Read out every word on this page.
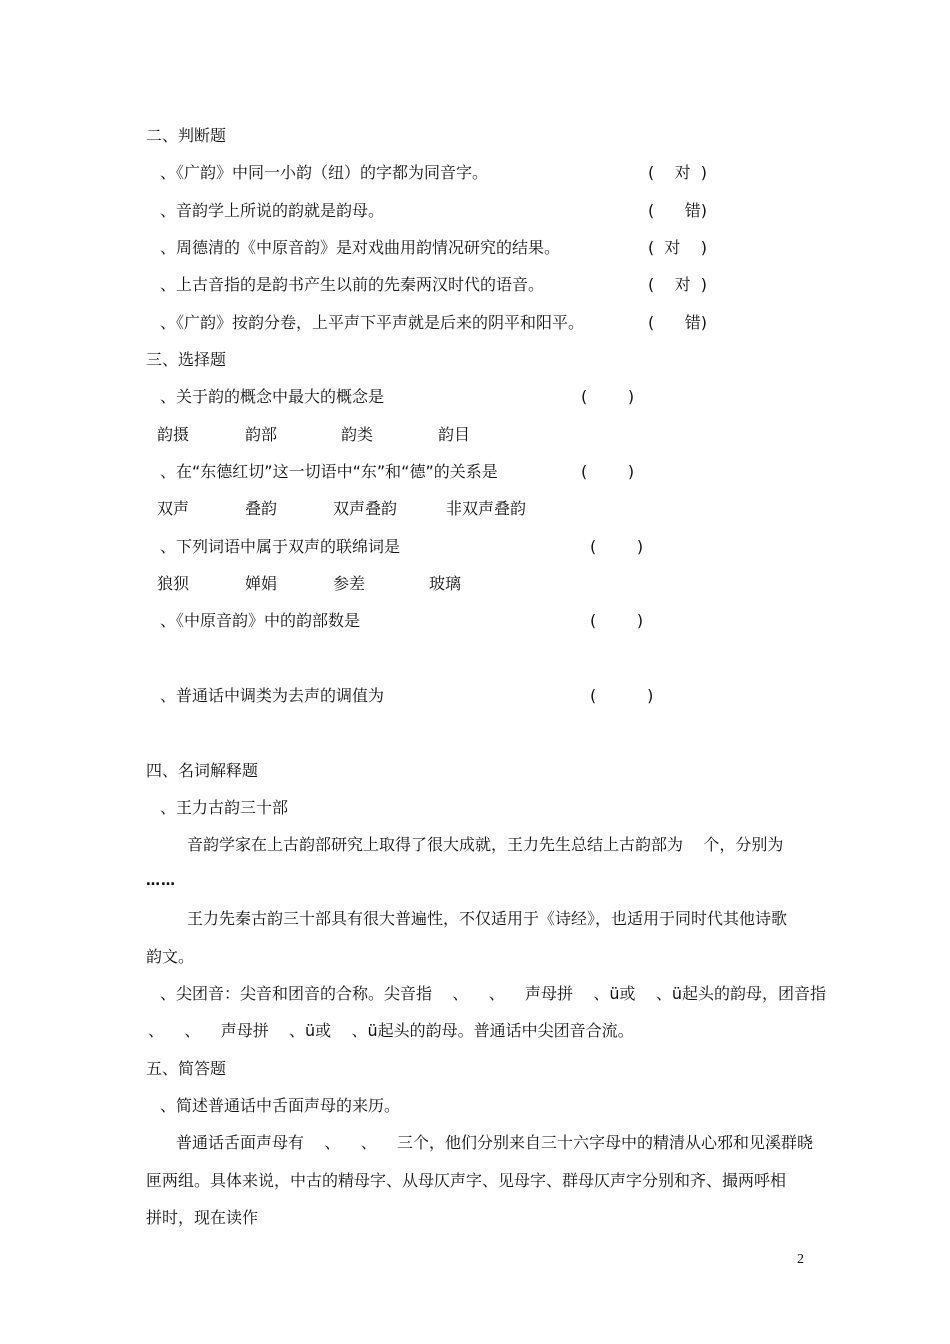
二、判断题
、《广韵》中同一小韵（纽）的字都为同音字。	(    对  )
、音韵学上所说的韵就是韵母。	(      错)
、周德清的《中原音韵》是对戏曲用韵情况研究的结果。	(  对    )
、上古音指的是韵书产生以前的先秦两汉时代的语音。	(    对  )
、《广韵》按韵分卷，上平声下平声就是后来的阴平和阳平。	(      错)
三、选择题
、关于韵的概念中最大的概念是	(        )
韵摄	韵部	韵类	韵目
、在“东德红切”这一切语中“东”和“德”的关系是	(        )
双声	叠韵	双声叠韵	非双声叠韵
、下列词语中属于双声的联绵词是	(        )
狼狈	婵娟	参差	玻璃
、《中原音韵》中的韵部数是	(        )
、普通话中调类为去声的调值为	(          )
四、名词解释题
、王力古韵三十部
音韵学家在上古韵部研究上取得了很大成就，王力先生总结上古韵部为    个，分别为
……
王力先秦古韵三十部具有很大普遍性，不仅适用于《诗经》，也适用于同时代其他诗歌
韵文。
、尖团音：尖音和团音的合称。尖音指    、    、    声母拼    、ü或    、ü起头的韵母，团音指
、    、    声母拼    、ü或    、ü起头的韵母。普通话中尖团音合流。
五、简答题
、简述普通话中舌面声母的来历。
普通话舌面声母有    、    、    三个，他们分别来自三十六字母中的精清从心邪和见溪群晓
匣两组。具体来说，中古的精母字、从母仄声字、见母字、群母仄声字分别和齐、撮两呼相
拼时，现在读作
2
